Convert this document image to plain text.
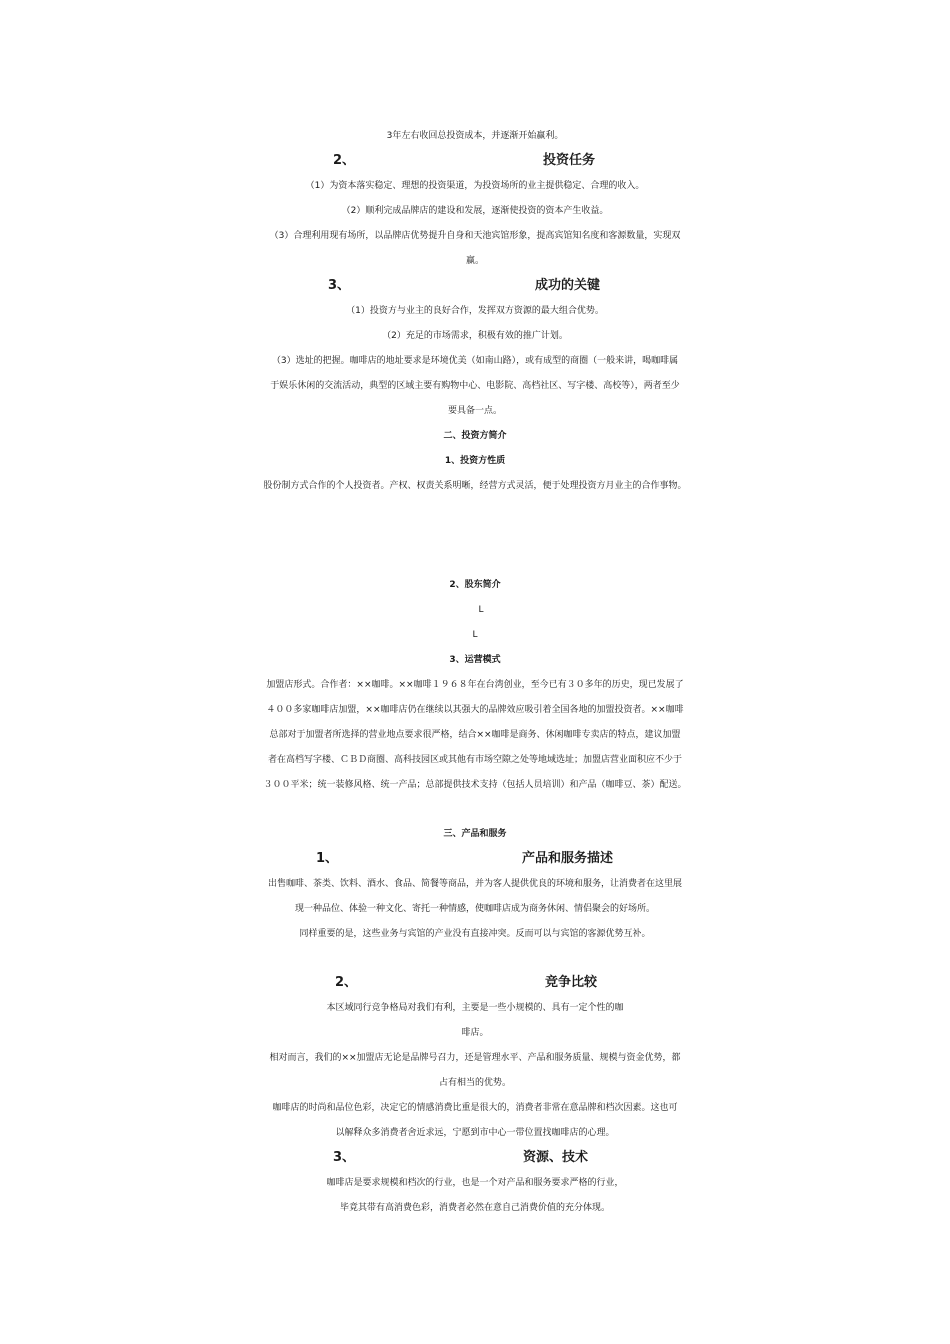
3年左右收回总投资成本，并逐渐开始赢利。
2、	投资任务
（1）为资本落实稳定、理想的投资渠道，为投资场所的业主提供稳定、合理的收入。
（2）顺利完成品牌店的建设和发展，逐渐使投资的资本产生收益。
（3）合理利用现有场所，以品牌店优势提升自身和天池宾馆形象，提高宾馆知名度和客源数量，实现双
赢。
3、	成功的关键
（1）投资方与业主的良好合作，发挥双方资源的最大组合优势。
（2）充足的市场需求，积极有效的推广计划。
（3）选址的把握。咖啡店的地址要求是环境优美（如南山路），或有成型的商圈（一般来讲，喝咖啡属
于娱乐休闲的交流活动，典型的区域主要有购物中心、电影院、高档社区、写字楼、高校等），两者至少
要具备一点。
二、投资方简介
1、投资方性质
股份制方式合作的个人投资者。产权、权责关系明晰，经营方式灵活，便于处理投资方月业主的合作事物。
2、股东简介
L
L
3、运营模式
加盟店形式。合作者：××咖啡。××咖啡１９６８年在台湾创业，至今已有３０多年的历史，现已发展了
４００多家咖啡店加盟，××咖啡店仍在继续以其强大的品牌效应吸引着全国各地的加盟投资者。××咖啡
总部对于加盟者所选择的营业地点要求很严格，结合××咖啡是商务、休闲咖啡专卖店的特点，建议加盟
者在高档写字楼、ＣＢＤ商圈、高科技园区或其他有市场空隙之处等地域选址；加盟店营业面积应不少于
３００平米；统一装修风格、统一产品；总部提供技术支持（包括人员培训）和产品（咖啡豆、茶）配送。
三、产品和服务
1、	产品和服务描述
出售咖啡、茶类、饮料、酒水、食品、简餐等商品，并为客人提供优良的环境和服务，让消费者在这里展
现一种品位、体验一种文化、寄托一种情感，使咖啡店成为商务休闲、情侣聚会的好场所。
同样重要的是，这些业务与宾馆的产业没有直接冲突。反而可以与宾馆的客源优势互补。
2、	竞争比较
本区域同行竞争格局对我们有利，主要是一些小规模的、具有一定个性的咖
啡店。
相对而言，我们的××加盟店无论是品牌号召力，还是管理水平、产品和服务质量、规模与资金优势，都
占有相当的优势。
咖啡店的时尚和品位色彩，决定它的情感消费比重是很大的，消费者非常在意品牌和档次因素。这也可
以解释众多消费者舍近求远，宁愿到市中心一带位置找咖啡店的心理。
3、	资源、技术
咖啡店是要求规模和档次的行业，也是一个对产品和服务要求严格的行业，
毕竟其带有高消费色彩，消费者必然在意自己消费价值的充分体现。
